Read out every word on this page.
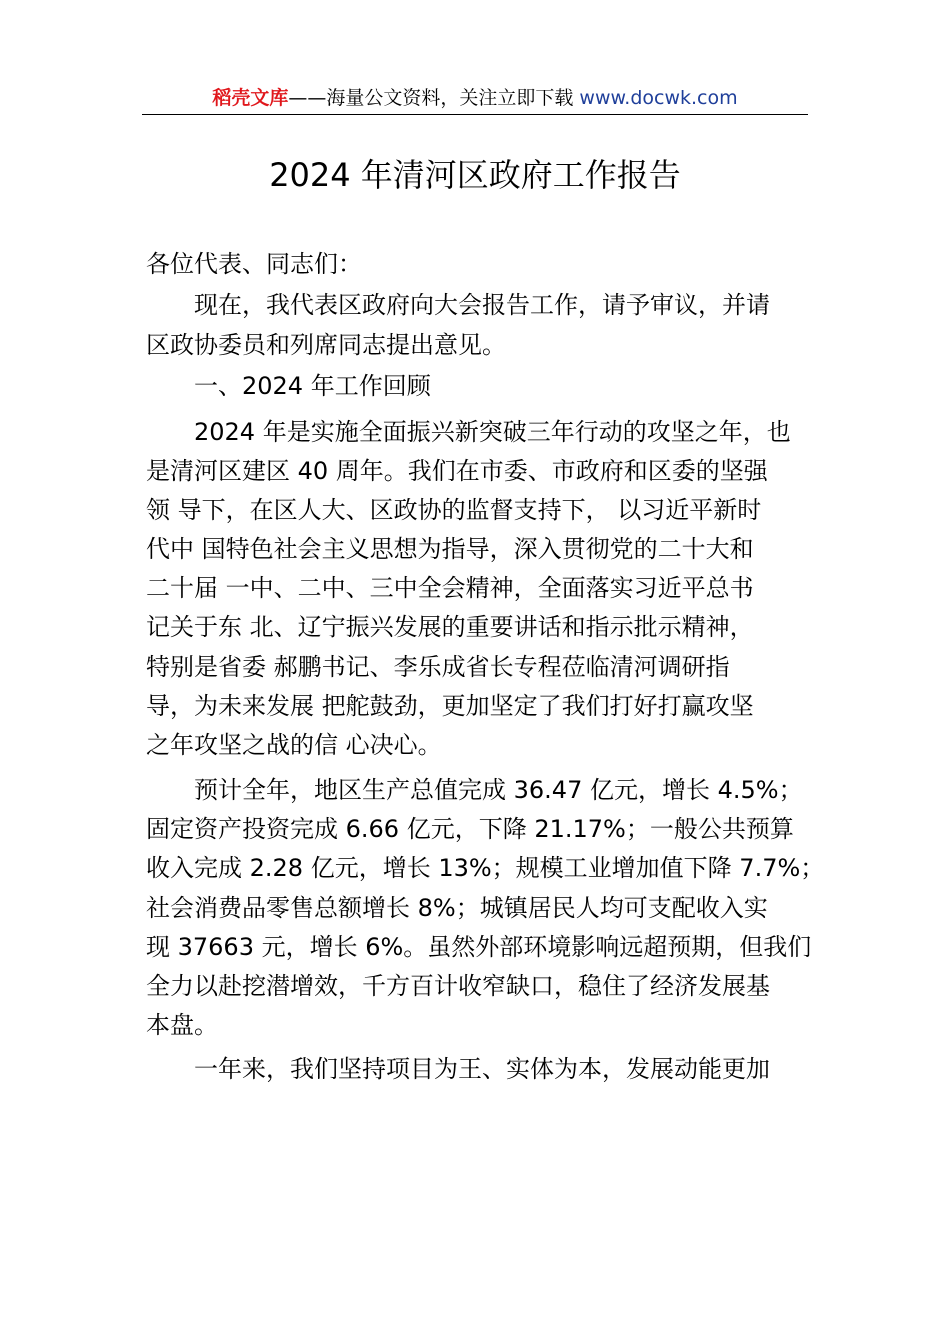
稻壳文库——海量公文资料，关注立即下载 www.docwk.com
2024 年清河区政府工作报告
各位代表、同志们：
现在，我代表区政府向大会报告工作，请予审议，并请
区政协委员和列席同志提出意见。
一、2024 年工作回顾
2024 年是实施全面振兴新突破三年行动的攻坚之年，也
是清河区建区 40 周年。我们在市委、市政府和区委的坚强
领 导下，在区人大、区政协的监督支持下， 以习近平新时
代中 国特色社会主义思想为指导，深入贯彻党的二十大和
二十届 一中、二中、三中全会精神，全面落实习近平总书
记关于东 北、辽宁振兴发展的重要讲话和指示批示精神，
特别是省委 郝鹏书记、李乐成省长专程莅临清河调研指
导，为未来发展 把舵鼓劲，更加坚定了我们打好打赢攻坚
之年攻坚之战的信 心决心。
预计全年，地区生产总值完成 36.47 亿元，增长 4.5%；
固定资产投资完成 6.66 亿元，下降 21.17%；一般公共预算
收入完成 2.28 亿元，增长 13%；规模工业增加值下降 7.7%；
社会消费品零售总额增长 8%；城镇居民人均可支配收入实
现 37663 元，增长 6%。虽然外部环境影响远超预期，但我们
全力以赴挖潜增效，千方百计收窄缺口，稳住了经济发展基
本盘。
一年来，我们坚持项目为王、实体为本，发展动能更加
